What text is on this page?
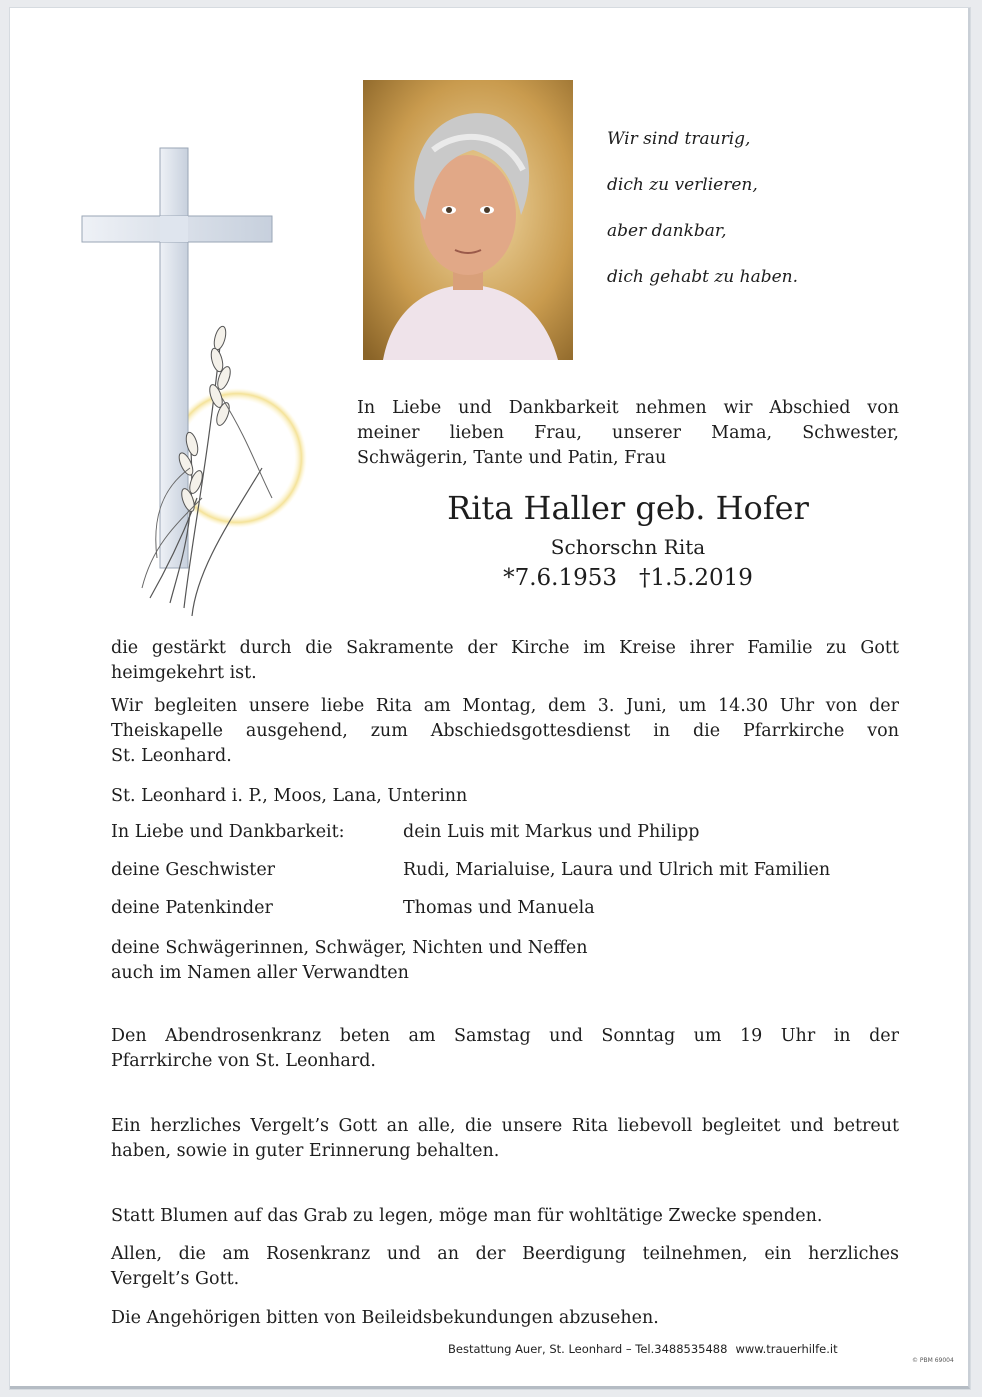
Wir sind traurig,
dich zu verlieren,
aber dankbar,
dich gehabt zu haben.
In Liebe und Dankbarkeit nehmen wir Abschied von
meiner lieben Frau, unserer Mama, Schwester,
Schwägerin, Tante und Patin, Frau
Rita Haller geb. Hofer
Schorschn Rita
*7.6.1953 †1.5.2019
die gestärkt durch die Sakramente der Kirche im Kreise ihrer Familie zu Gott
heimgekehrt ist.
Wir begleiten unsere liebe Rita am Montag, dem 3. Juni, um 14.30 Uhr von der
Theiskapelle ausgehend, zum Abschiedsgottesdienst in die Pfarrkirche von
St. Leonhard.
St. Leonhard i. P., Moos, Lana, Unterinn
In Liebe und Dankbarkeit:	dein Luis mit Markus und Philipp
deine Geschwister	Rudi, Marialuise, Laura und Ulrich mit Familien
deine Patenkinder	Thomas und Manuela
deine Schwägerinnen, Schwäger, Nichten und Neffen
auch im Namen aller Verwandten
Den Abendrosenkranz beten am Samstag und Sonntag um 19 Uhr in der
Pfarrkirche von St. Leonhard.
Ein herzliches Vergelt’s Gott an alle, die unsere Rita liebevoll begleitet und betreut
haben, sowie in guter Erinnerung behalten.
Statt Blumen auf das Grab zu legen, möge man für wohltätige Zwecke spenden.
Allen, die am Rosenkranz und an der Beerdigung teilnehmen, ein herzliches
Vergelt’s Gott.
Die Angehörigen bitten von Beileidsbekundungen abzusehen.
Bestattung Auer, St. Leonhard – Tel.3488535488 www.trauerhilfe.it
© PBM 69004
